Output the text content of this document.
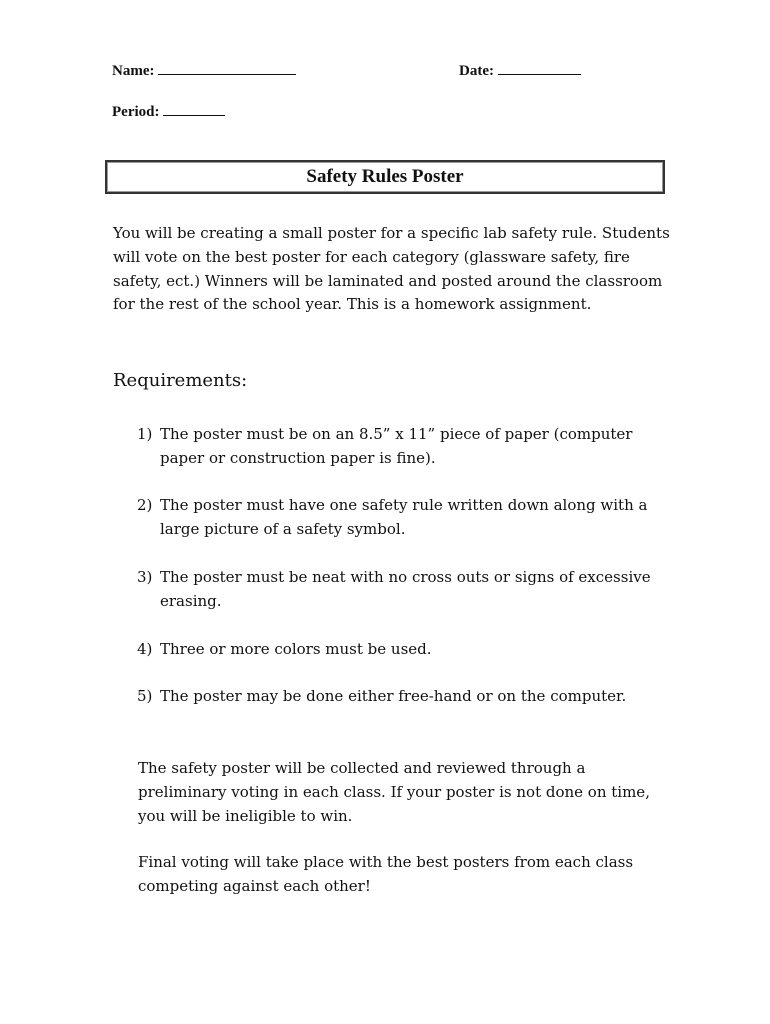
Name:	Date:
Period:
Safety Rules Poster

You will be creating a small poster for a specific lab safety rule. Students will vote on the best poster for each category (glassware safety, fire safety, ect.) Winners will be laminated and posted around the classroom for the rest of the school year. This is a homework assignment.

Requirements:
1) The poster must be on an 8.5” x 11” piece of paper (computer paper or construction paper is fine).
2) The poster must have one safety rule written down along with a large picture of a safety symbol.
3) The poster must be neat with no cross outs or signs of excessive erasing.
4) Three or more colors must be used.
5) The poster may be done either free-hand or on the computer.

The safety poster will be collected and reviewed through a preliminary voting in each class. If your poster is not done on time, you will be ineligible to win.

Final voting will take place with the best posters from each class competing against each other!
